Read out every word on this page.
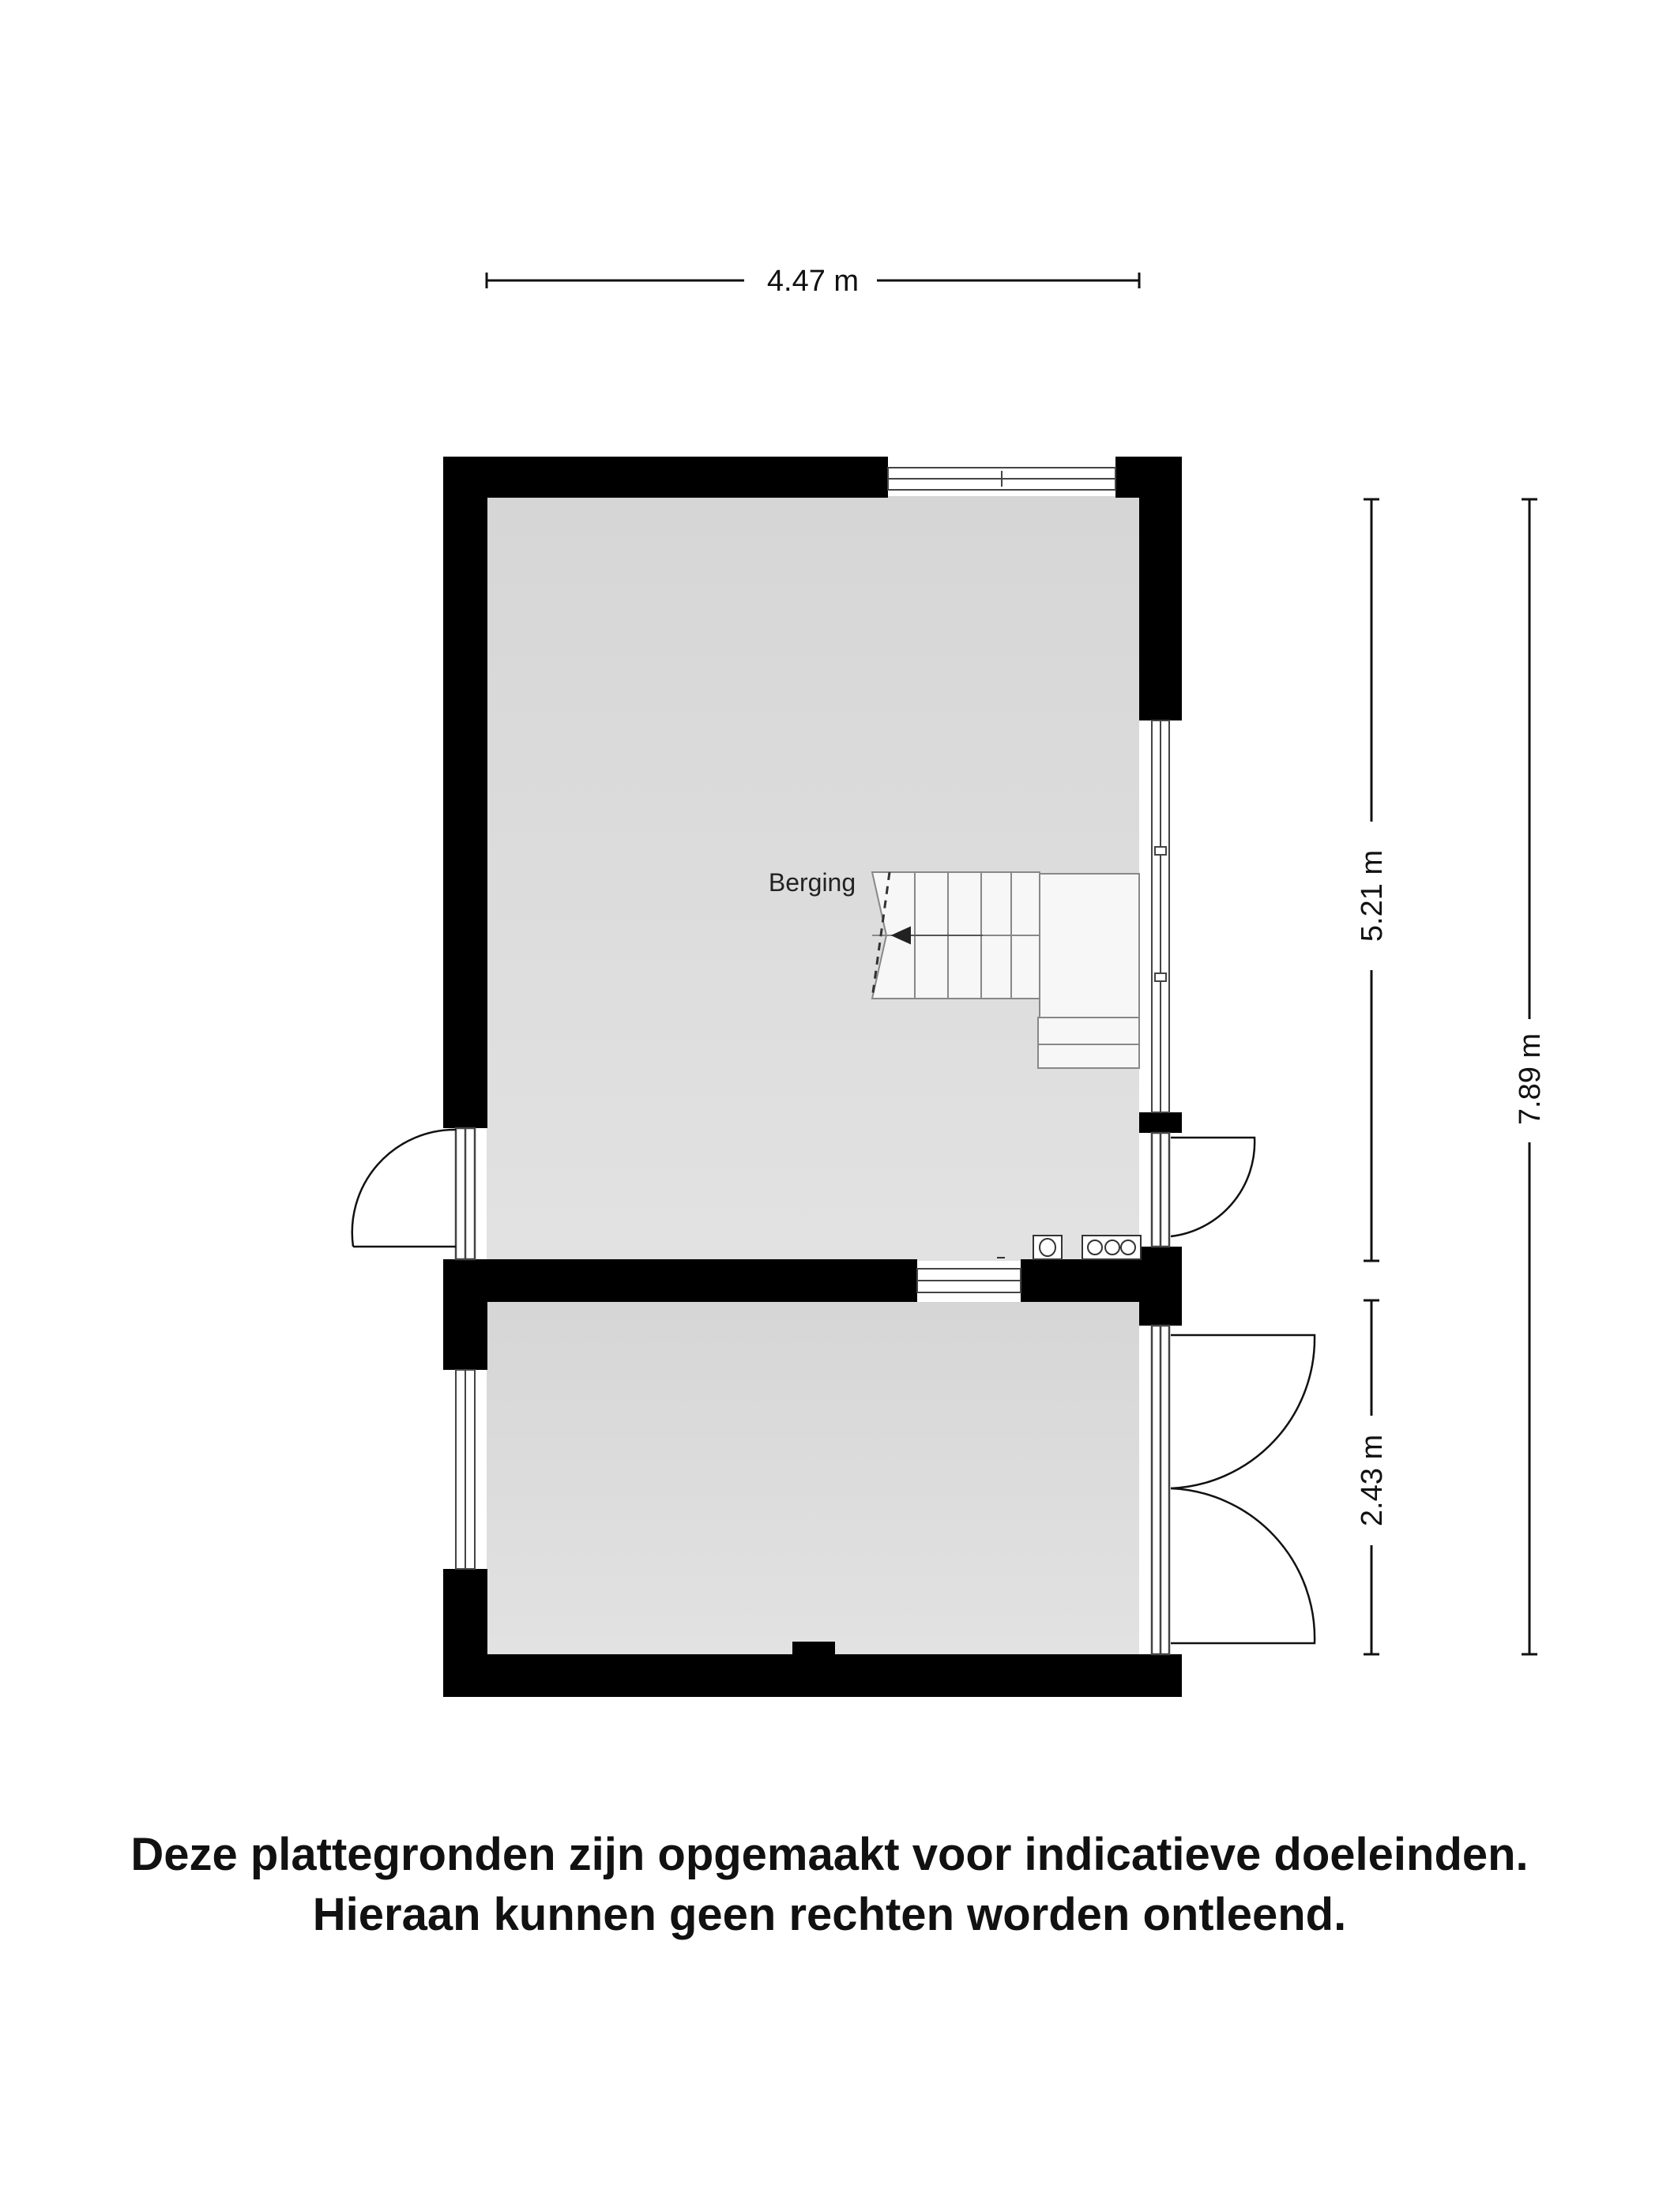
4.47 m
Berging	5.21 m
2.43 m
7.89 m
Deze plattegronden zijn opgemaakt voor indicatieve doeleinden.
Hieraan kunnen geen rechten worden ontleend.
